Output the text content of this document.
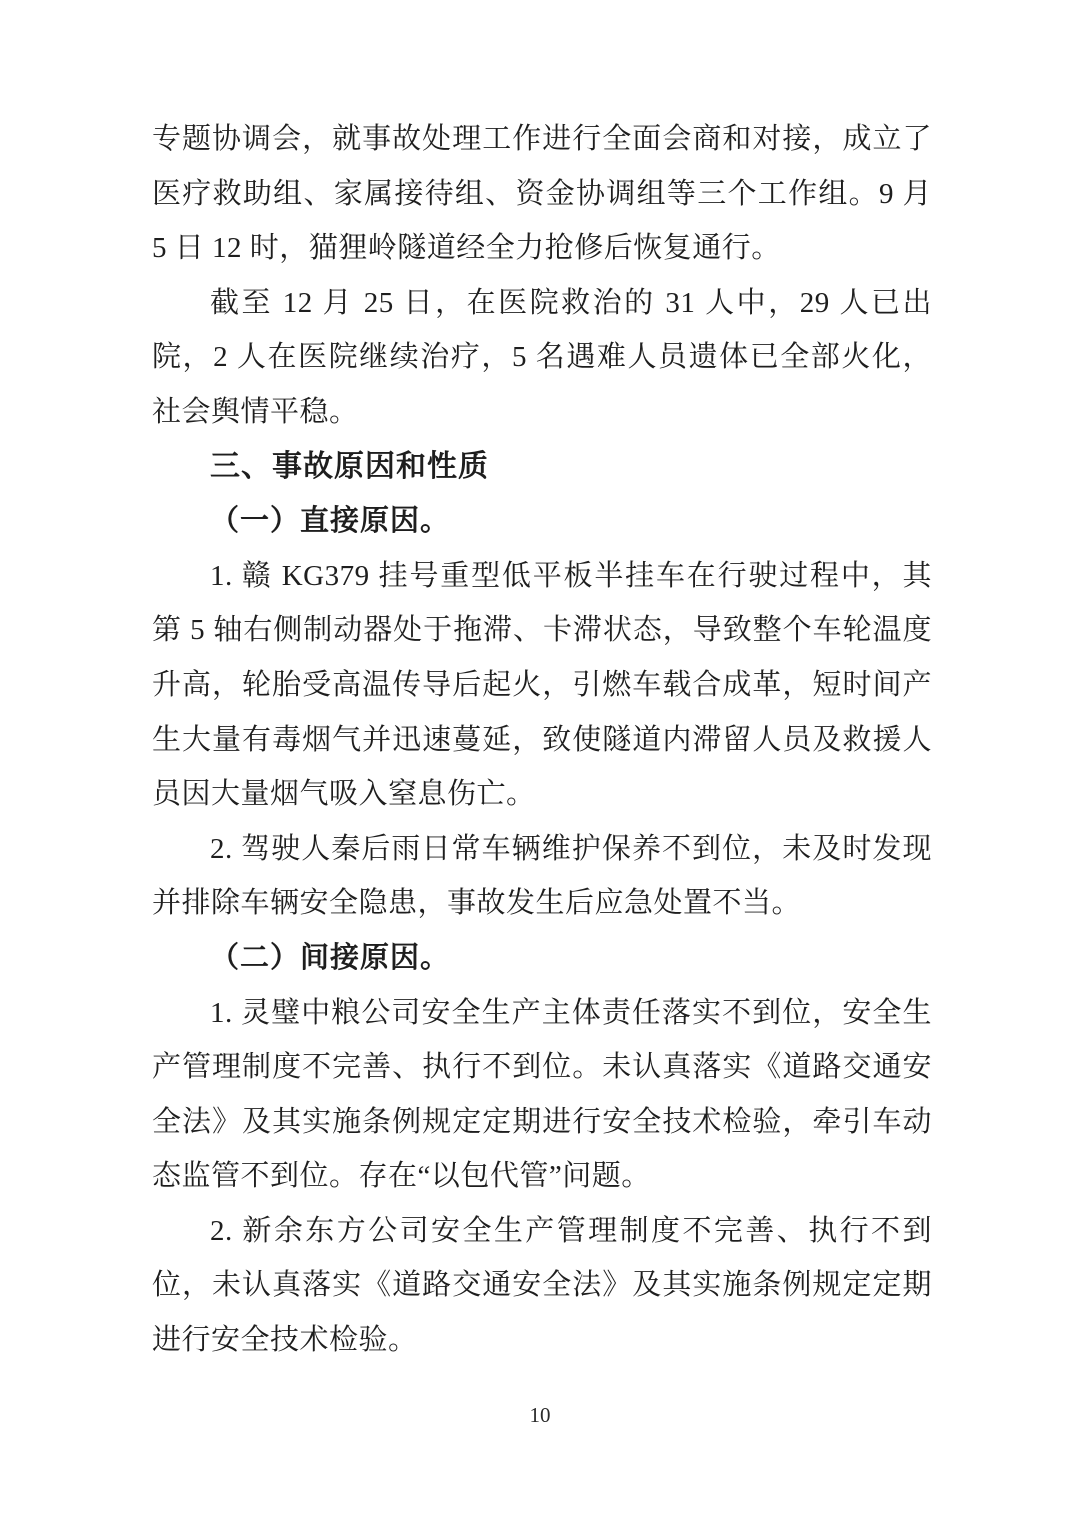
专题协调会，就事故处理工作进行全面会商和对接，成立了医疗救助组、家属接待组、资金协调组等三个工作组。9 月 5 日 12 时，猫狸岭隧道经全力抢修后恢复通行。

截至 12 月 25 日，在医院救治的 31 人中，29 人已出院，2 人在医院继续治疗，5 名遇难人员遗体已全部火化，社会舆情平稳。

三、事故原因和性质

（一）直接原因。

1. 赣 KG379 挂号重型低平板半挂车在行驶过程中，其第 5 轴右侧制动器处于拖滞、卡滞状态，导致整个车轮温度升高，轮胎受高温传导后起火，引燃车载合成革，短时间产生大量有毒烟气并迅速蔓延，致使隧道内滞留人员及救援人员因大量烟气吸入窒息伤亡。

2. 驾驶人秦后雨日常车辆维护保养不到位，未及时发现并排除车辆安全隐患，事故发生后应急处置不当。

（二）间接原因。

1. 灵璧中粮公司安全生产主体责任落实不到位，安全生产管理制度不完善、执行不到位。未认真落实《道路交通安全法》及其实施条例规定定期进行安全技术检验，牵引车动态监管不到位。存在“以包代管”问题。

2. 新余东方公司安全生产管理制度不完善、执行不到位，未认真落实《道路交通安全法》及其实施条例规定定期进行安全技术检验。

10
